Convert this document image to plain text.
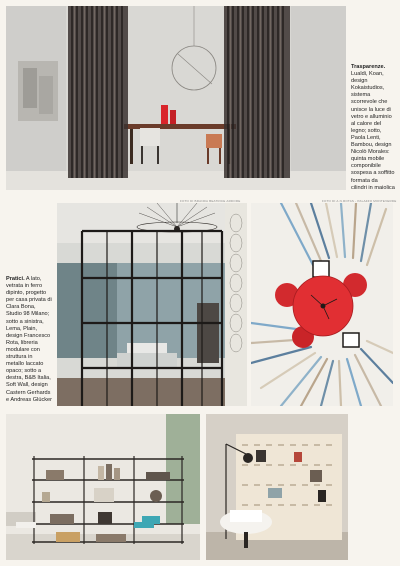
Trasparenze.
Lualdi, Koan,
design
Kokaistudios,
sistema
scorrevole che
unisce la luce di
vetro e alluminio
al calore del
legno; sotto,
Paola Lenti,
Bambou, design
Nicolò Morales:
quinta mobile
componibile
sospesa a soffitto
formata da
cilindri in maiolica
Pratici. A lato,
vetrata in ferro
dipinto, progetto
per casa privata di
Clara Bona,
Studio 98 Milano;
sotto a sinistra,
Lema, Plain,
design Francesco
Rota, libreria
modulare con
struttura in
metallo laccato
opaco; sotto a
destra, B&B Italia,
Soft Wall, design
Castern Gerhards
e Andreas Glücker
FOTO DI BRANDA BEATRICE ARDORE	FOTO DI A.N.ROTAS - PALAZZO MONTEVERDE
